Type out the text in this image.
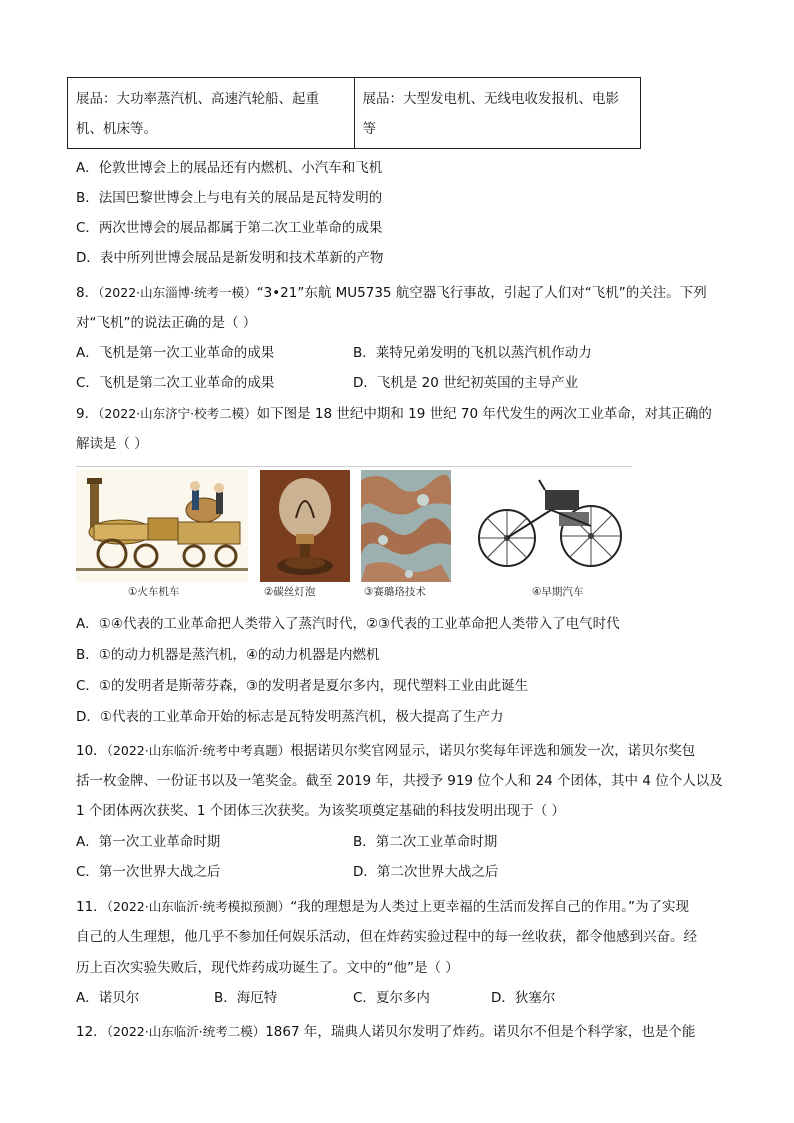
展品：大功率蒸汽机、高速汽轮船、起重机、机床等。	展品：大型发电机、无线电收发报机、电影等
A．伦敦世博会上的展品还有内燃机、小汽车和飞机
B．法国巴黎世博会上与电有关的展品是瓦特发明的
C．两次世博会的展品都属于第二次工业革命的成果
D．表中所列世博会展品是新发明和技术革新的产物
8．（2022·山东淄博·统考一模）“3•21”东航 MU5735 航空器飞行事故，引起了人们对“飞机”的关注。下列
对“飞机”的说法正确的是（ ）
A．飞机是第一次工业革命的成果	B．莱特兄弟发明的飞机以蒸汽机作动力
C．飞机是第二次工业革命的成果	D．飞机是 20 世纪初英国的主导产业
9．（2022·山东济宁·校考二模）如下图是 18 世纪中期和 19 世纪 70 年代发生的两次工业革命，对其正确的
解读是（ ）
①火车机车	②碳丝灯泡	③赛璐珞技术	④早期汽车
A．①④代表的工业革命把人类带入了蒸汽时代，②③代表的工业革命把人类带入了电气时代
B．①的动力机器是蒸汽机，④的动力机器是内燃机
C．①的发明者是斯蒂芬森，③的发明者是夏尔多内，现代塑料工业由此诞生
D．①代表的工业革命开始的标志是瓦特发明蒸汽机，极大提高了生产力
10．（2022·山东临沂·统考中考真题）根据诺贝尔奖官网显示，诺贝尔奖每年评选和颁发一次，诺贝尔奖包
括一枚金牌、一份证书以及一笔奖金。截至 2019 年，共授予 919 位个人和 24 个团体，其中 4 位个人以及
1 个团体两次获奖、1 个团体三次获奖。为该奖项奠定基础的科技发明出现于（ ）
A．第一次工业革命时期	B．第二次工业革命时期
C．第一次世界大战之后	D．第二次世界大战之后
11．（2022·山东临沂·统考模拟预测）“我的理想是为人类过上更幸福的生活而发挥自己的作用。”为了实现
自己的人生理想，他几乎不参加任何娱乐活动，但在炸药实验过程中的每一丝收获，都令他感到兴奋。经
历上百次实验失败后，现代炸药成功诞生了。文中的“他”是（ ）
A．诺贝尔	B．海厄特	C．夏尔多内	D．狄塞尔
12．（2022·山东临沂·统考二模）1867 年，瑞典人诺贝尔发明了炸药。诺贝尔不但是个科学家，也是个能
